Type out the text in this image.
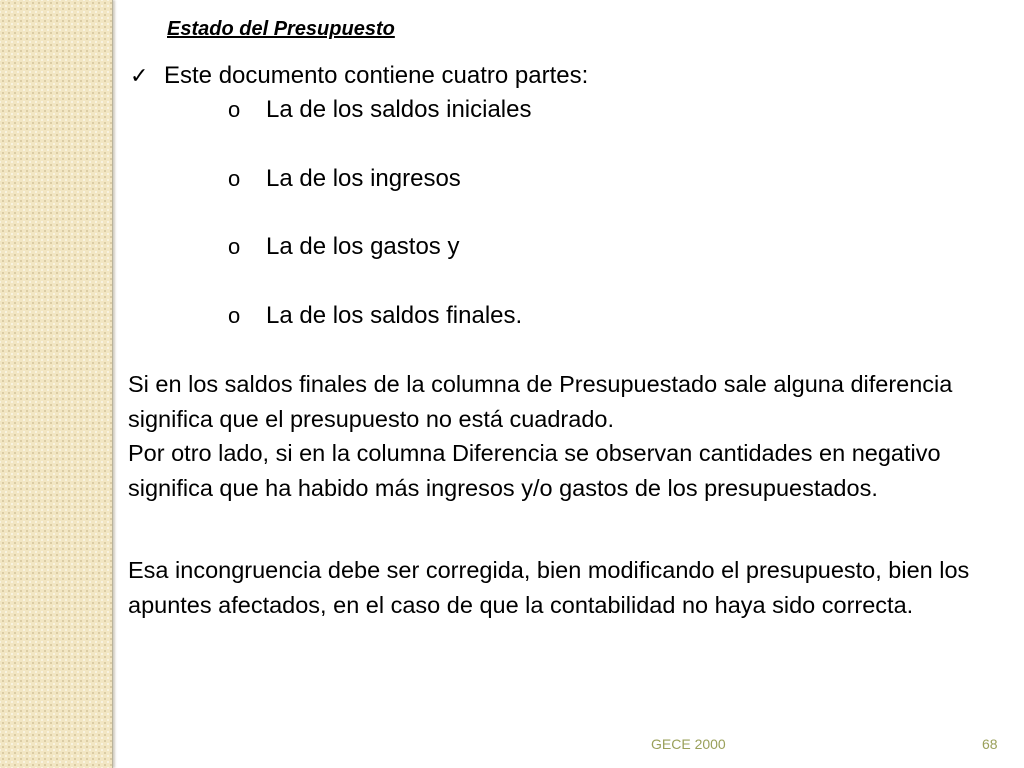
Estado del Presupuesto
✓ Este documento contiene cuatro partes:
o La de los saldos iniciales
o La de los ingresos
o La de los gastos y
o La de los saldos finales.
Si en los saldos finales de la columna de Presupuestado sale alguna diferencia significa que el presupuesto no está cuadrado.
Por otro lado, si en la columna Diferencia se observan cantidades en negativo significa que ha habido más ingresos y/o gastos de los presupuestados.
Esa incongruencia debe ser corregida, bien modificando el presupuesto, bien los apuntes afectados, en el caso de que la contabilidad no haya sido correcta.
GECE 2000	68
